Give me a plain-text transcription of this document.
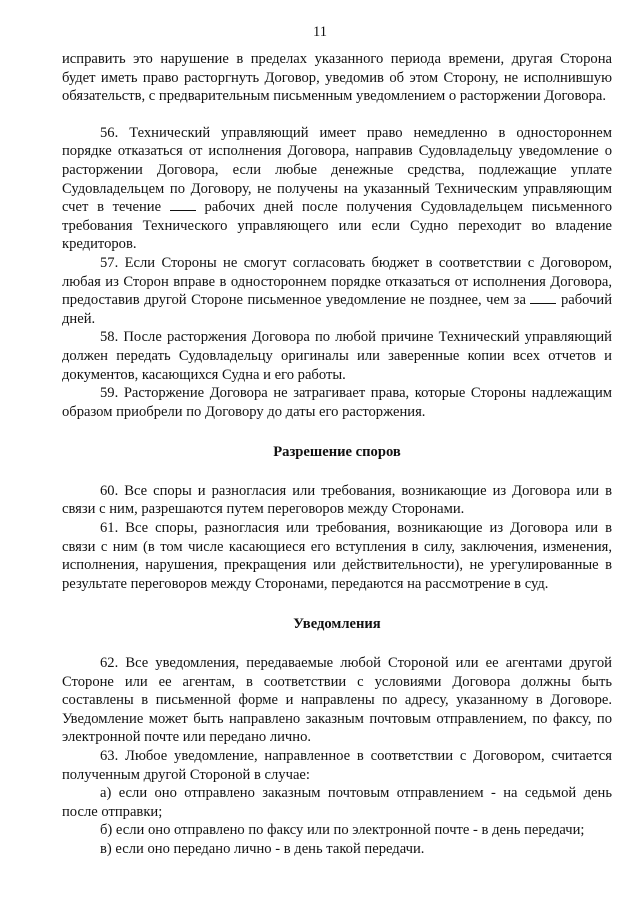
11

исправить это нарушение в пределах указанного периода времени, другая Сторона будет иметь право расторгнуть Договор, уведомив об этом Сторону, не исполнившую обязательств, с предварительным письменным уведомлением о расторжении Договора.

56. Технический управляющий имеет право немедленно в одностороннем порядке отказаться от исполнения Договора, направив Судовладельцу уведомление о расторжении Договора, если любые денежные средства, подлежащие уплате Судовладельцем по Договору, не получены на указанный Техническим управляющим счет в течение	рабочих дней после получения Судовладельцем письменного требования Технического управляющего или если Судно переходит во владение кредиторов.

57. Если Стороны не смогут согласовать бюджет в соответствии с Договором, любая из Сторон вправе в одностороннем порядке отказаться от исполнения Договора, предоставив другой Стороне письменное уведомление не позднее, чем за рабочий дней.

58. После расторжения Договора по любой причине Технический управляющий должен передать Судовладельцу оригиналы или заверенные копии всех отчетов и документов, касающихся Судна и его работы.

59. Расторжение Договора не затрагивает права, которые Стороны надлежащим образом приобрели по Договору до даты его расторжения.

Разрешение споров

60. Все споры и разногласия или требования, возникающие из Договора или в связи с ним, разрешаются путем переговоров между Сторонами.

61. Все споры, разногласия или требования, возникающие из Договора или в связи с ним (в том числе касающиеся его вступления в силу, заключения, изменения, исполнения, нарушения, прекращения или действительности), не урегулированные в результате переговоров между Сторонами, передаются на рассмотрение в суд.

Уведомления

62. Все уведомления, передаваемые любой Стороной или ее агентами другой Стороне или ее агентам, в соответствии с условиями Договора должны быть составлены в письменной форме и направлены по адресу, указанному в Договоре. Уведомление может быть направлено заказным почтовым отправлением, по факсу, по электронной почте или передано лично.

63. Любое уведомление, направленное в соответствии с Договором, считается полученным другой Стороной в случае:

а) если оно отправлено заказным почтовым отправлением - на седьмой день после отправки;

б) если оно отправлено по факсу или по электронной почте - в день передачи;

в) если оно передано лично - в день такой передачи.
